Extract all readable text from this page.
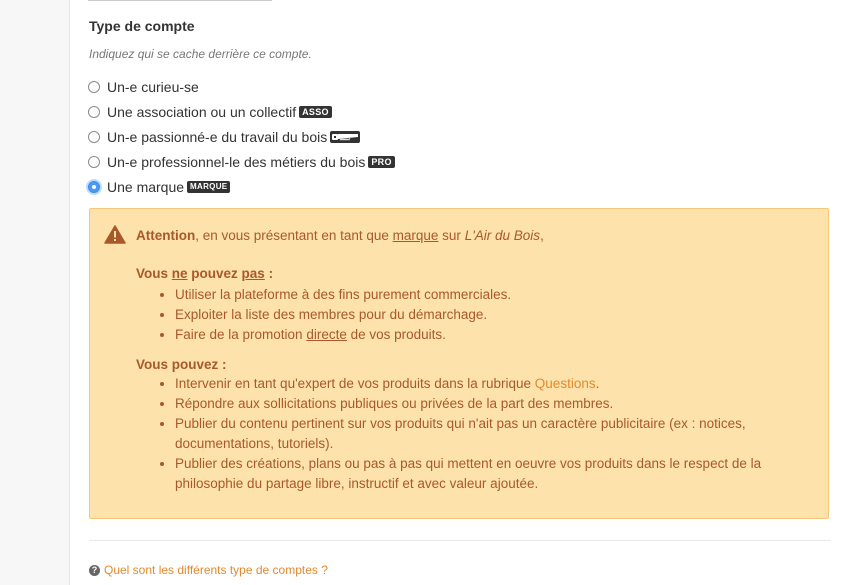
Type de compte
Indiquez qui se cache derrière ce compte.
Un-e curieu-se
Une association ou un collectif ASSO
Un-e passionné-e du travail du bois
Un-e professionnel-le des métiers du bois PRO
Une marque MARQUE
Attention, en vous présentant en tant que marque sur L'Air du Bois,
Vous ne pouvez pas :
• Utiliser la plateforme à des fins purement commerciales.
• Exploiter la liste des membres pour du démarchage.
• Faire de la promotion directe de vos produits.
Vous pouvez :
• Intervenir en tant qu'expert de vos produits dans la rubrique Questions.
• Répondre aux sollicitations publiques ou privées de la part des membres.
• Publier du contenu pertinent sur vos produits qui n'ait pas un caractère publicitaire (ex : notices, documentations, tutoriels).
• Publier des créations, plans ou pas à pas qui mettent en oeuvre vos produits dans le respect de la philosophie du partage libre, instructif et avec valeur ajoutée.
? Quel sont les différents type de comptes ?
